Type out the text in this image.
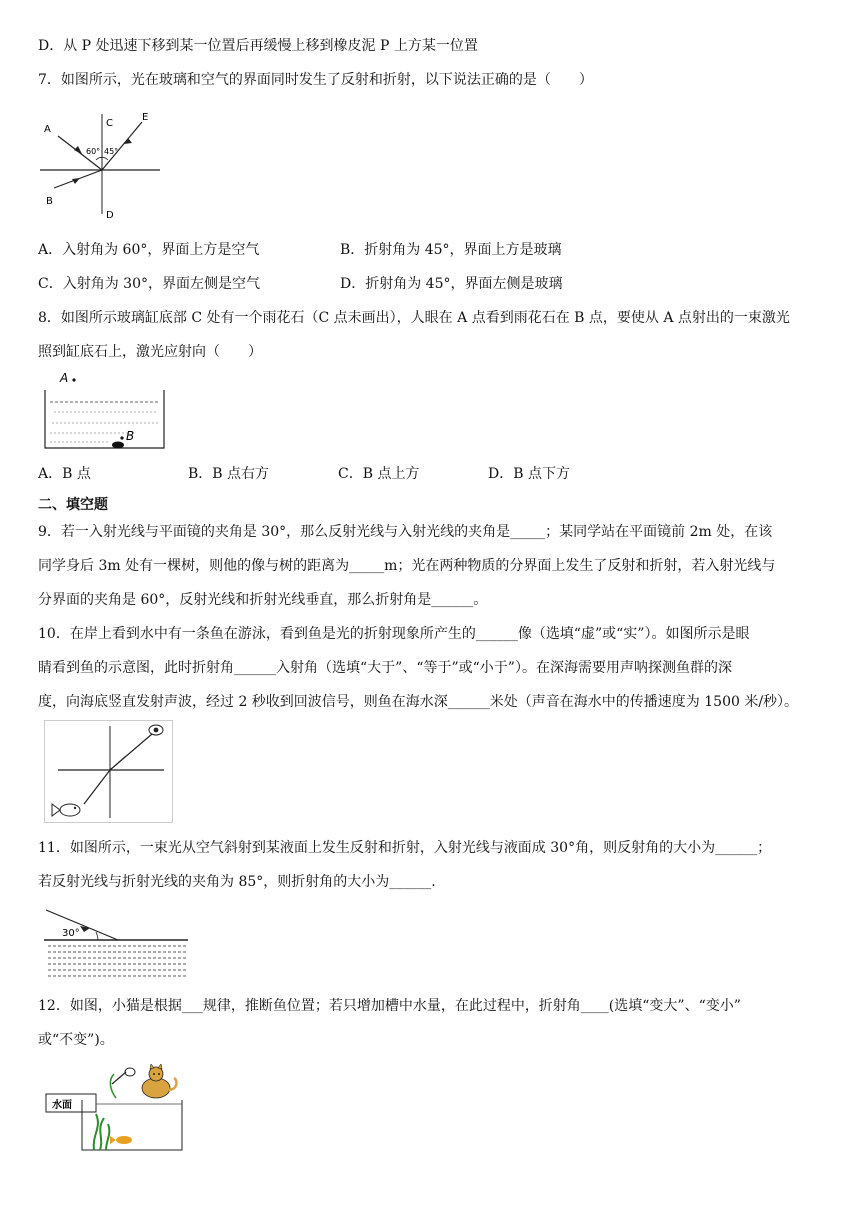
D．从 P 处迅速下移到某一位置后再缓慢上移到橡皮泥 P 上方某一位置
7．如图所示，光在玻璃和空气的界面同时发生了反射和折射，以下说法正确的是（　　）
A
B
C
D
E
60° 45°
A．入射角为 60°，界面上方是空气	B．折射角为 45°，界面上方是玻璃
C．入射角为 30°，界面左侧是空气	D．折射角为 45°，界面左侧是玻璃
8．如图所示玻璃缸底部 C 处有一个雨花石（C 点未画出），人眼在 A 点看到雨花石在 B 点，要使从 A 点射出的一束激光
照到缸底石上，激光应射向（　　）
A
B
A．B 点	B．B 点右方	C．B 点上方	D．B 点下方
二、填空题
9．若一入射光线与平面镜的夹角是 30°，那么反射光线与入射光线的夹角是_____；某同学站在平面镜前 2m 处，在该
同学身后 3m 处有一棵树，则他的像与树的距离为_____m；光在两种物质的分界面上发生了反射和折射，若入射光线与
分界面的夹角是 60°，反射光线和折射光线垂直，那么折射角是______。
10．在岸上看到水中有一条鱼在游泳，看到鱼是光的折射现象所产生的______像（选填“虚”或“实”）。如图所示是眼
睛看到鱼的示意图，此时折射角______入射角（选填“大于”、“等于”或“小于”）。在深海需要用声呐探测鱼群的深
度，向海底竖直发射声波，经过 2 秒收到回波信号，则鱼在海水深______米处（声音在海水中的传播速度为 1500 米/秒）。
11．如图所示，一束光从空气斜射到某液面上发生反射和折射，入射光线与液面成 30°角，则反射角的大小为______；
若反射光线与折射光线的夹角为 85°，则折射角的大小为______.
30°
12．如图，小猫是根据___规律，推断鱼位置；若只增加槽中水量，在此过程中，折射角____(选填“变大”、“变小”
或“不变”)。
水面
